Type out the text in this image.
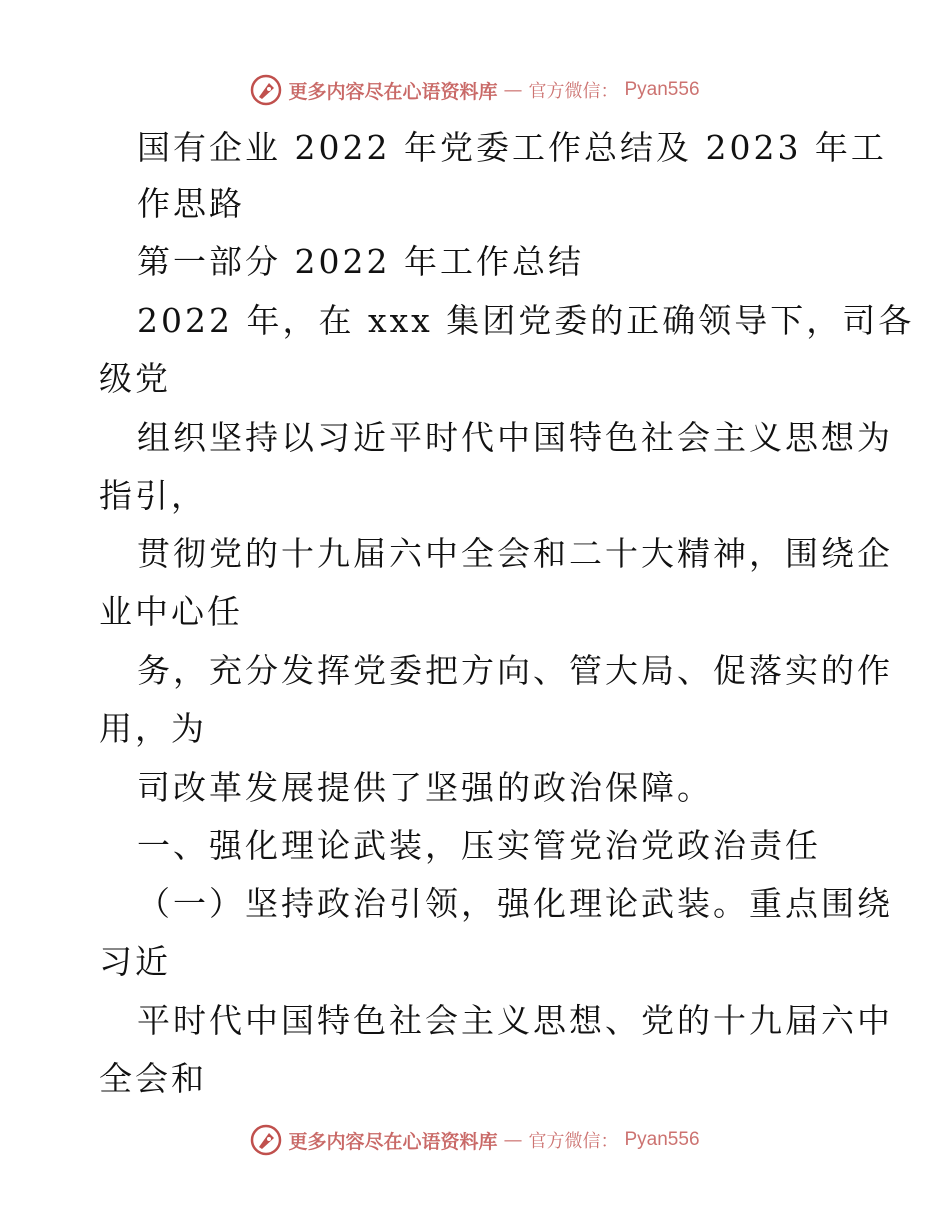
更多内容尽在心语资料库 — 官方微信： Pyan556
国有企业 2022 年党委工作总结及 2023 年工
作思路
第一部分 2022 年工作总结
2022 年，在 xxx 集团党委的正确领导下，司各
级党
组织坚持以习近平时代中国特色社会主义思想为
指引，
贯彻党的十九届六中全会和二十大精神，围绕企
业中心任
务，充分发挥党委把方向、管大局、促落实的作
用，为
司改革发展提供了坚强的政治保障。
一、强化理论武装，压实管党治党政治责任
（一）坚持政治引领，强化理论武装。重点围绕
习近
平时代中国特色社会主义思想、党的十九届六中
全会和
更多内容尽在心语资料库 — 官方微信： Pyan556
